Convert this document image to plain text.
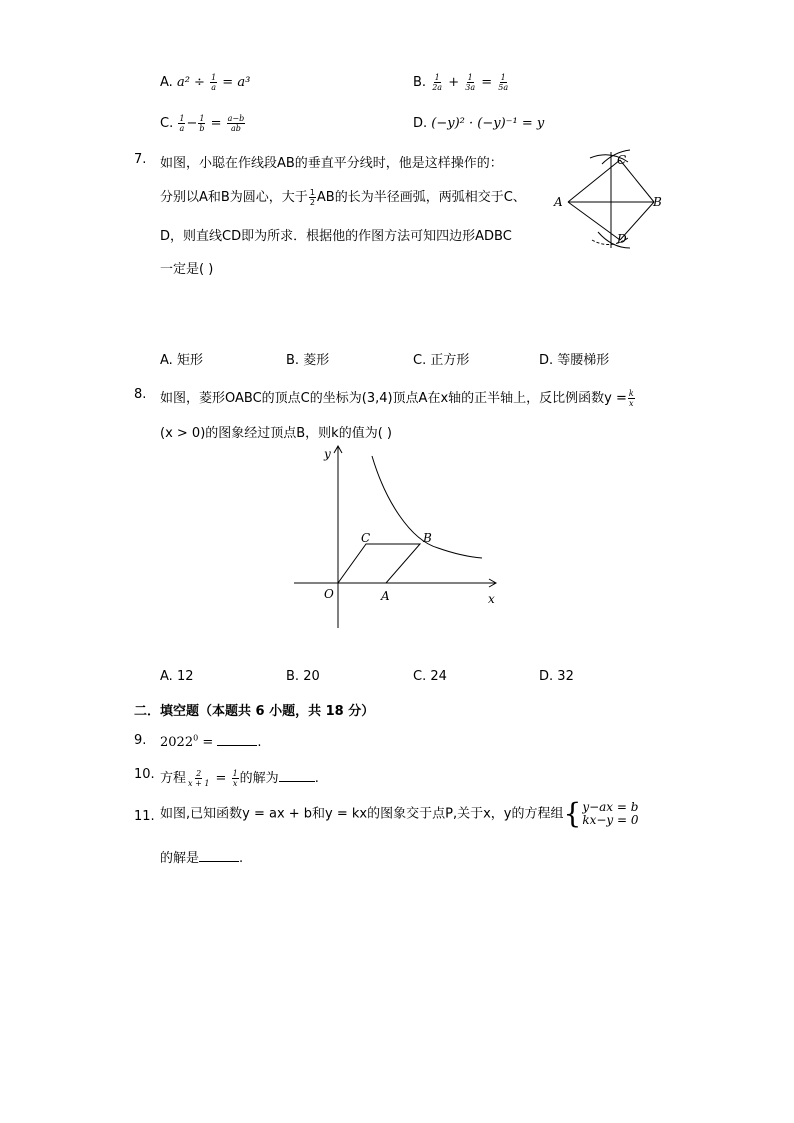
A. $a^2 \div \frac{1}{a} = a^3$	B. $\frac{1}{2a} + \frac{1}{3a} = \frac{1}{5a}$
C. $\frac{1}{a} - \frac{1}{b} = \frac{a-b}{ab}$	D. (−y)² · (−y)⁻¹ = y
7. 如图，小聪在作线段AB的垂直平分线时，他是这样操作的：
分别以A和B为圆心，大于 $\frac{1}{2}$ AB的长为半径画弧，两弧相交于C、
D，则直线CD即为所求．根据他的作图方法可知四边形ADBC
一定是( )
A	B
C
D
A. 矩形	B. 菱形	C. 正方形	D. 等腰梯形
8. 如图，菱形OABC的顶点C的坐标为(3,4)顶点A在x轴的正半轴上，反比例函数$y = \frac{k}{x}$
(x > 0)的图象经过顶点B，则k的值为( )
y
x
O	A
B
C
A. 12	B. 20	C. 24	D. 32
二．填空题（本题共 6 小题，共 18 分）
9. $2022^0$ =	.
10. 方程 $\frac{2}{x + 1} = \frac{1}{x}$ 的解为	.
11. 如图,已知函数y = ax + b和y = kx的图象交于点P,关于x，y的方程组 { y−ax = b
kx−y = 0
的解是	.
